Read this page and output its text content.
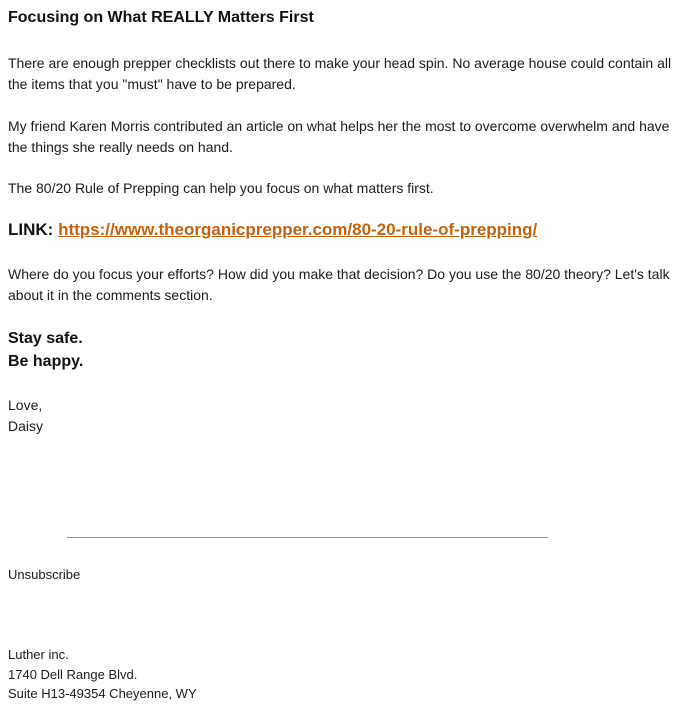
Focusing on What REALLY Matters First
There are enough prepper checklists out there to make your head spin. No average house could contain all the items that you "must" have to be prepared.
My friend Karen Morris contributed an article on what helps her the most to overcome overwhelm and have the things she really needs on hand.
The 80/20 Rule of Prepping can help you focus on what matters first.
LINK: https://www.theorganicprepper.com/80-20-rule-of-prepping/
Where do you focus your efforts? How did you make that decision? Do you use the 80/20 theory? Let's talk about it in the comments section.
Stay safe.
Be happy.
Love,
Daisy
Unsubscribe
Luther inc.
1740 Dell Range Blvd.
Suite H13-49354 Cheyenne, WY
